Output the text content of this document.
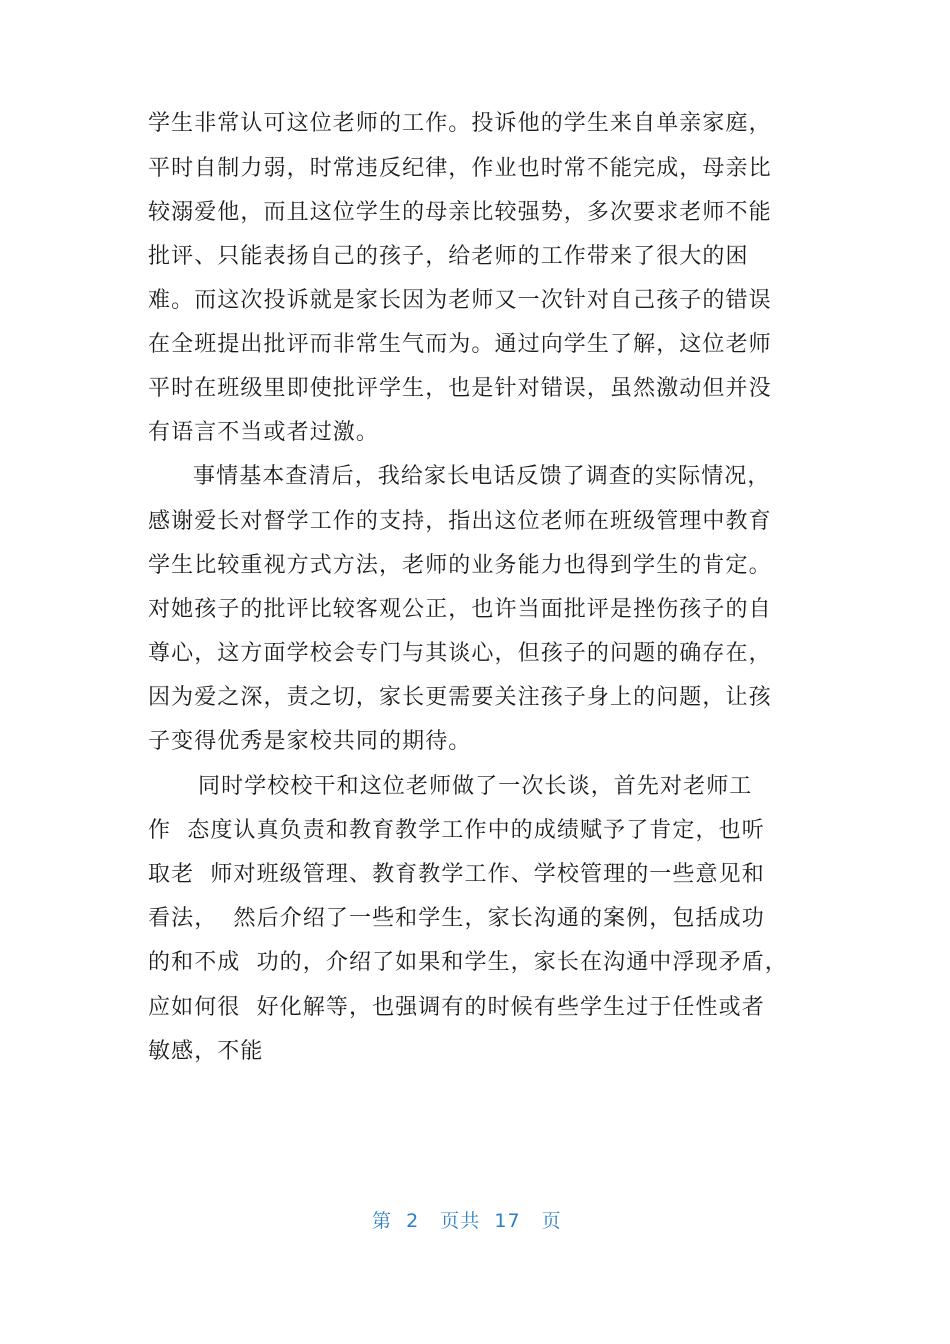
学生非常认可这位老师的工作。投诉他的学生来自单亲家庭，
平时自制力弱，时常违反纪律，作业也时常不能完成，母亲比
较溺爱他，而且这位学生的母亲比较强势，多次要求老师不能
批评、只能表扬自己的孩子，给老师的工作带来了很大的困
难。而这次投诉就是家长因为老师又一次针对自己孩子的错误
在全班提出批评而非常生气而为。通过向学生了解，这位老师
平时在班级里即使批评学生，也是针对错误，虽然激动但并没
有语言不当或者过激。
事情基本查清后，我给家长电话反馈了调查的实际情况，
感谢爱长对督学工作的支持，指出这位老师在班级管理中教育
学生比较重视方式方法，老师的业务能力也得到学生的肯定。
对她孩子的批评比较客观公正，也许当面批评是挫伤孩子的自
尊心，这方面学校会专门与其谈心，但孩子的问题的确存在，
因为爱之深，责之切，家长更需要关注孩子身上的问题，让孩
子变得优秀是家校共同的期待。
同时学校校干和这位老师做了一次长谈，首先对老师工
作  态度认真负责和教育教学工作中的成绩赋予了肯定，也听
取老  师对班级管理、教育教学工作、学校管理的一些意见和
看法，  然后介绍了一些和学生，家长沟通的案例，包括成功
的和不成  功的，介绍了如果和学生，家长在沟通中浮现矛盾，
应如何很  好化解等，也强调有的时候有些学生过于任性或者
敏感，不能
第  2   页共  17   页
